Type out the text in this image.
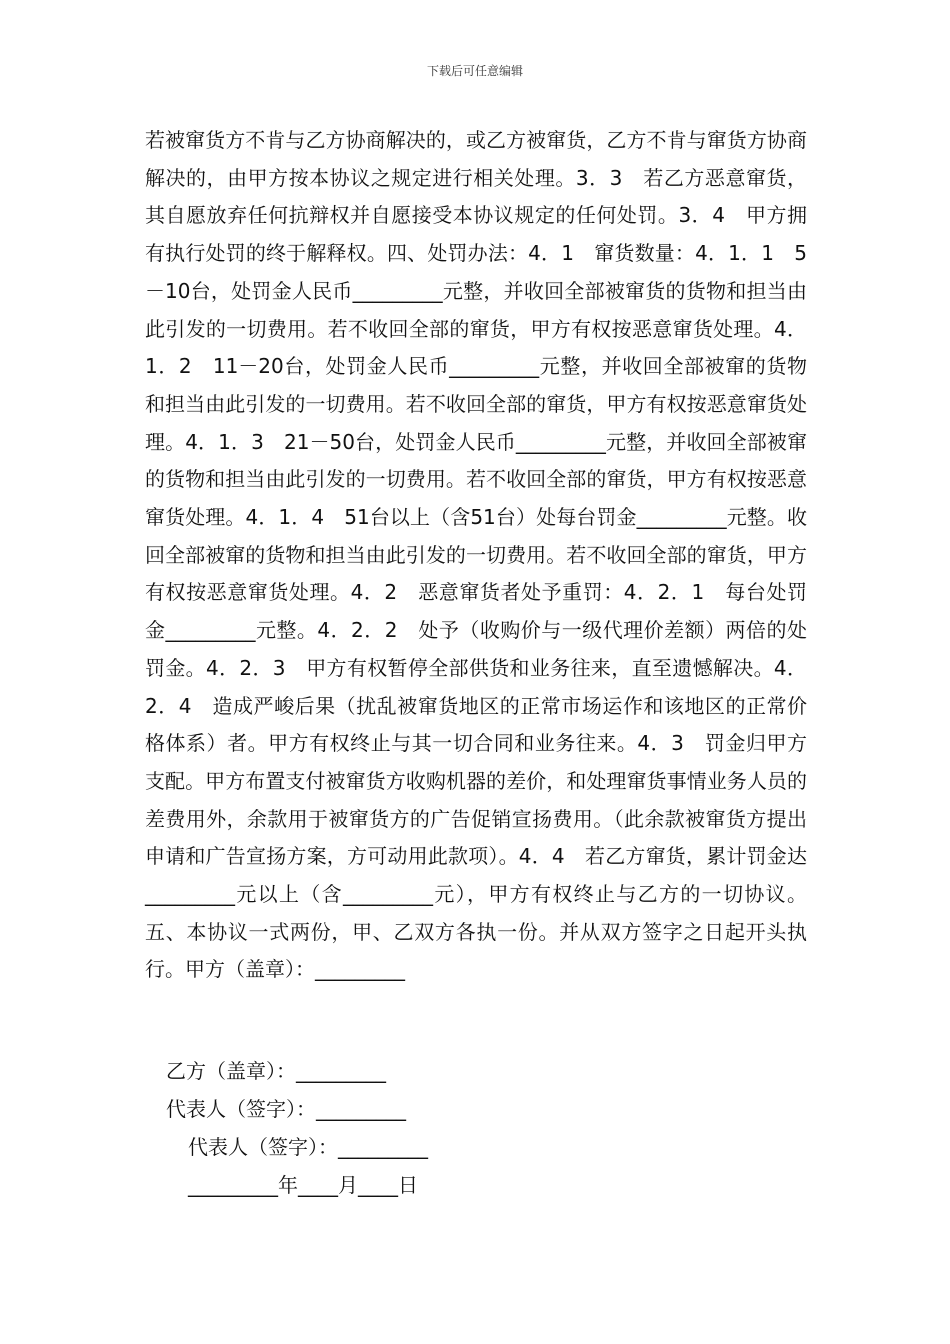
下载后可任意编辑

若被窜货方不肯与乙方协商解决的，或乙方被窜货，乙方不肯与窜货方协商解决的，由甲方按本协议之规定进行相关处理。3．3　若乙方恶意窜货，其自愿放弃任何抗辩权并自愿接受本协议规定的任何处罚。3．4　甲方拥有执行处罚的终于解释权。四、处罚办法：4．1　窜货数量：4．1．1　5－10台，处罚金人民币_________元整，并收回全部被窜货的货物和担当由此引发的一切费用。若不收回全部的窜货，甲方有权按恶意窜货处理。4．1．2　11－20台，处罚金人民币_________元整，并收回全部被窜的货物和担当由此引发的一切费用。若不收回全部的窜货，甲方有权按恶意窜货处理。4．1．3　21－50台，处罚金人民币_________元整，并收回全部被窜的货物和担当由此引发的一切费用。若不收回全部的窜货，甲方有权按恶意窜货处理。4．1．4　51台以上（含51台）处每台罚金_________元整。收回全部被窜的货物和担当由此引发的一切费用。若不收回全部的窜货，甲方有权按恶意窜货处理。4．2　恶意窜货者处予重罚：4．2．1　每台处罚金_________元整。4．2．2　处予（收购价与一级代理价差额）两倍的处罚金。4．2．3　甲方有权暂停全部供货和业务往来，直至遗憾解决。4．2．4　造成严峻后果（扰乱被窜货地区的正常市场运作和该地区的正常价格体系）者。甲方有权终止与其一切合同和业务往来。4．3　罚金归甲方支配。甲方布置支付被窜货方收购机器的差价，和处理窜货事情业务人员的差费用外，余款用于被窜货方的广告促销宣扬费用。（此余款被窜货方提出申请和广告宣扬方案，方可动用此款项）。4．4　若乙方窜货，累计罚金达_________元以上（含_________元），甲方有权终止与乙方的一切协议。五、本协议一式两份，甲、乙双方各执一份。并从双方签字之日起开头执行。甲方（盖章）：_________

乙方（盖章）：_________

代表人（签字）：_________

代表人（签字）：_________

_________年____月____日
